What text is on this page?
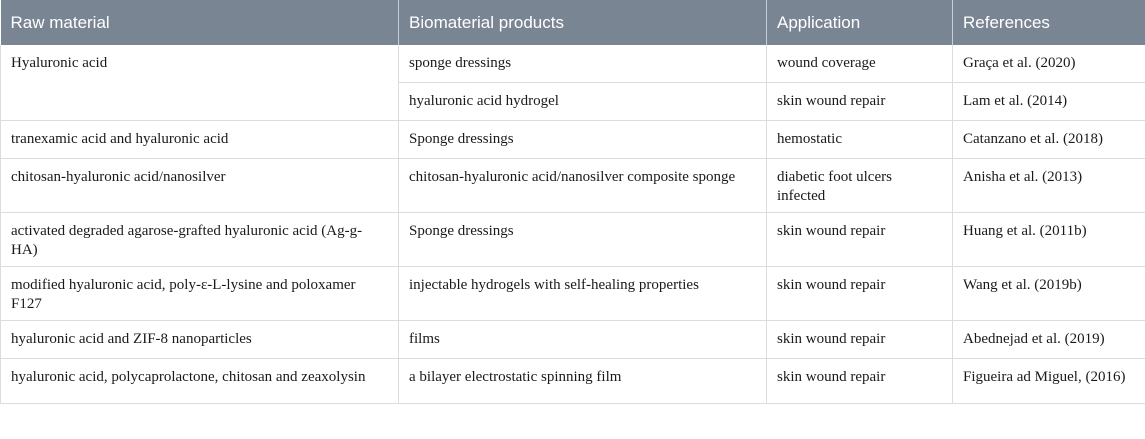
Raw material	Biomaterial products	Application	References
Hyaluronic acid	sponge dressings	wound coverage	Graça et al. (2020)
	hyaluronic acid hydrogel	skin wound repair	Lam et al. (2014)
tranexamic acid and hyaluronic acid	Sponge dressings	hemostatic	Catanzano et al. (2018)
chitosan-hyaluronic acid/nanosilver	chitosan-hyaluronic acid/nanosilver composite sponge	diabetic foot ulcers infected	Anisha et al. (2013)
activated degraded agarose-grafted hyaluronic acid (Ag-g-HA)	Sponge dressings	skin wound repair	Huang et al. (2011b)
modified hyaluronic acid, poly-ε-L-lysine and poloxamer F127	injectable hydrogels with self-healing properties	skin wound repair	Wang et al. (2019b)
hyaluronic acid and ZIF-8 nanoparticles	films	skin wound repair	Abednejad et al. (2019)
hyaluronic acid, polycaprolactone, chitosan and zeaxolysin	a bilayer electrostatic spinning film	skin wound repair	Figueira ad Miguel, (2016)
